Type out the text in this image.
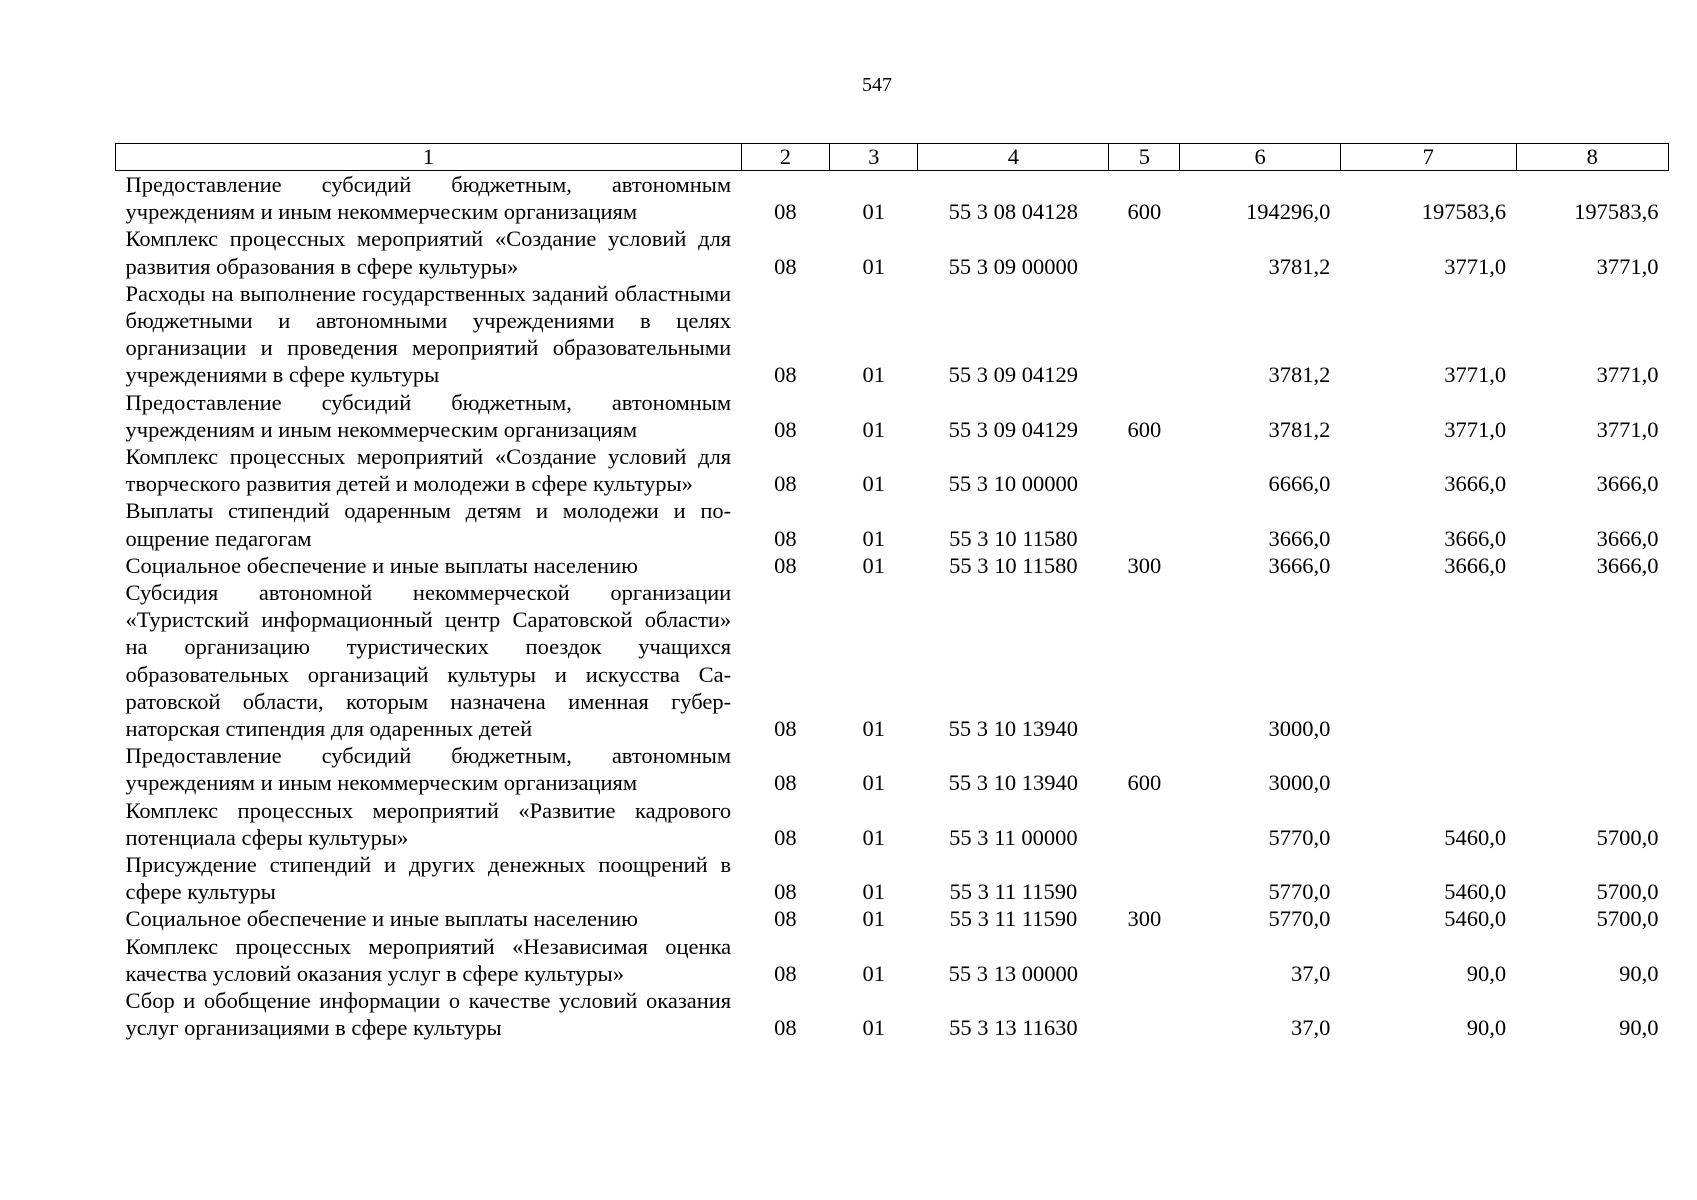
547
1	2	3	4	5	6	7	8
Предоставление субсидий бюджетным, автономным учреждениям и иным некоммерческим организациям	08	01	55 3 08 04128	600	194296,0	197583,6	197583,6
Комплекс процессных мероприятий «Создание условий для развития образования в сфере культуры»	08	01	55 3 09 00000		3781,2	3771,0	3771,0
Расходы на выполнение государственных заданий областными бюджетными и автономными учреждениями в целях организации и проведения мероприятий образовательными учреждениями в сфере культуры	08	01	55 3 09 04129		3781,2	3771,0	3771,0
Предоставление субсидий бюджетным, автономным учреждениям и иным некоммерческим организациям	08	01	55 3 09 04129	600	3781,2	3771,0	3771,0
Комплекс процессных мероприятий «Создание условий для творческого развития детей и молодежи в сфере культуры»	08	01	55 3 10 00000		6666,0	3666,0	3666,0
Выплаты стипендий одаренным детям и молодежи и поощрение педагогам	08	01	55 3 10 11580		3666,0	3666,0	3666,0
Социальное обеспечение и иные выплаты населению	08	01	55 3 10 11580	300	3666,0	3666,0	3666,0
Субсидия автономной некоммерческой организации «Туристский информационный центр Саратовской области» на организацию туристических поездок учащихся образовательных организаций культуры и искусства Саратовской области, которым назначена именная губернаторская стипендия для одаренных детей	08	01	55 3 10 13940		3000,0		
Предоставление субсидий бюджетным, автономным учреждениям и иным некоммерческим организациям	08	01	55 3 10 13940	600	3000,0		
Комплекс процессных мероприятий «Развитие кадрового потенциала сферы культуры»	08	01	55 3 11 00000		5770,0	5460,0	5700,0
Присуждение стипендий и других денежных поощрений в сфере культуры	08	01	55 3 11 11590		5770,0	5460,0	5700,0
Социальное обеспечение и иные выплаты населению	08	01	55 3 11 11590	300	5770,0	5460,0	5700,0
Комплекс процессных мероприятий «Независимая оценка качества условий оказания услуг в сфере культуры»	08	01	55 3 13 00000		37,0	90,0	90,0
Сбор и обобщение информации о качестве условий оказания услуг организациями в сфере культуры	08	01	55 3 13 11630		37,0	90,0	90,0
